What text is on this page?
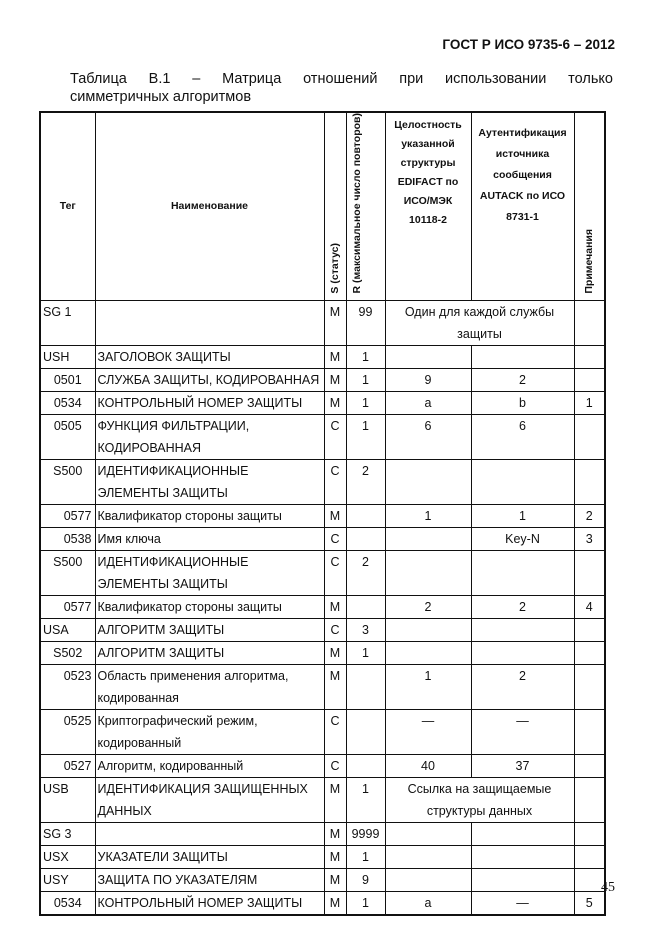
ГОСТ Р ИСО 9735-6 – 2012
Таблица В.1 – Матрица отношений при использовании только
симметричных алгоритмов
Тег	Наименование	S (статус)	R (максимальное число повторов)	Целостность указанной структуры EDIFACT по ИСО/МЭК 10118-2	Аутентификация источника сообщения AUTACK по ИСО 8731-1	Примечания
SG 1		M	99	Один для каждой службы защиты		
USH	ЗАГОЛОВОК ЗАЩИТЫ	M	1			
0501	СЛУЖБА ЗАЩИТЫ, КОДИРОВАННАЯ	M	1	9	2	
0534	КОНТРОЛЬНЫЙ НОМЕР ЗАЩИТЫ	M	1	a	b	1
0505	ФУНКЦИЯ ФИЛЬТРАЦИИ, КОДИРОВАННАЯ	C	1	6	6	
S500	ИДЕНТИФИКАЦИОННЫЕ ЭЛЕМЕНТЫ ЗАЩИТЫ	C	2			
0577	Квалификатор стороны защиты	M		1	1	2
0538	Имя ключа	C			Key-N	3
S500	ИДЕНТИФИКАЦИОННЫЕ ЭЛЕМЕНТЫ ЗАЩИТЫ	C	2			
0577	Квалификатор стороны защиты	M		2	2	4
USA	АЛГОРИТМ ЗАЩИТЫ	C	3			
S502	АЛГОРИТМ ЗАЩИТЫ	M	1			
0523	Область применения алгоритма, кодированная	M		1	2	
0525	Криптографический режим, кодированный	C		—	—	
0527	Алгоритм, кодированный	C		40	37	
USB	ИДЕНТИФИКАЦИЯ ЗАЩИЩЕННЫХ ДАННЫХ	M	1	Ссылка на защищаемые структуры данных		
SG 3		M	9999			
USX	УКАЗАТЕЛИ ЗАЩИТЫ	M	1			
USY	ЗАЩИТА ПО УКАЗАТЕЛЯМ	M	9			
0534	КОНТРОЛЬНЫЙ НОМЕР ЗАЩИТЫ	M	1	a	—	5
45
